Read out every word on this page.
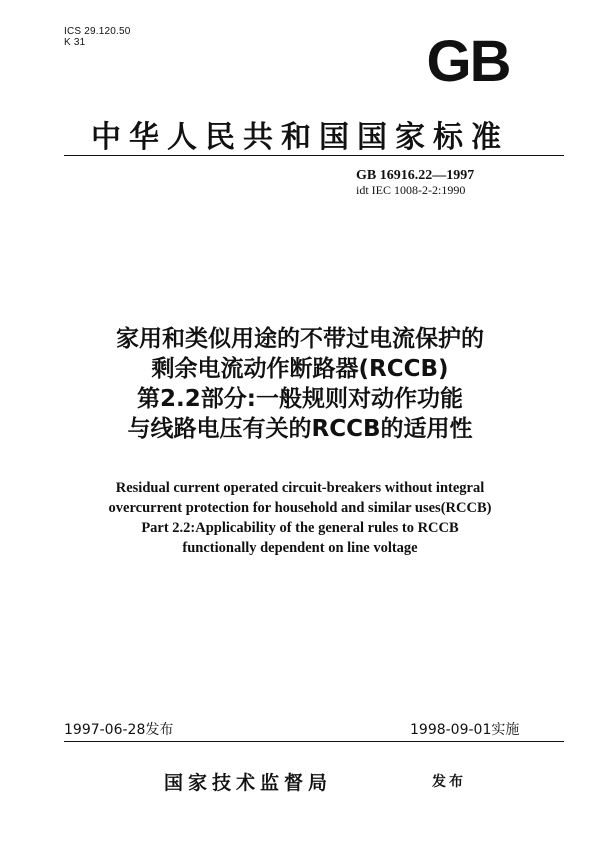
ICS 29.120.50
K 31	GB
中华人民共和国国家标准
GB 16916.22—1997
idt IEC 1008-2-2:1990
家用和类似用途的不带过电流保护的
剩余电流动作断路器(RCCB)
第2.2部分:一般规则对动作功能
与线路电压有关的RCCB的适用性
Residual current operated circuit-breakers without integral
overcurrent protection for household and similar uses(RCCB)
Part 2.2:Applicability of the general rules to RCCB
functionally dependent on line voltage
1997-06-28发布	1998-09-01实施
国家技术监督局	发布
